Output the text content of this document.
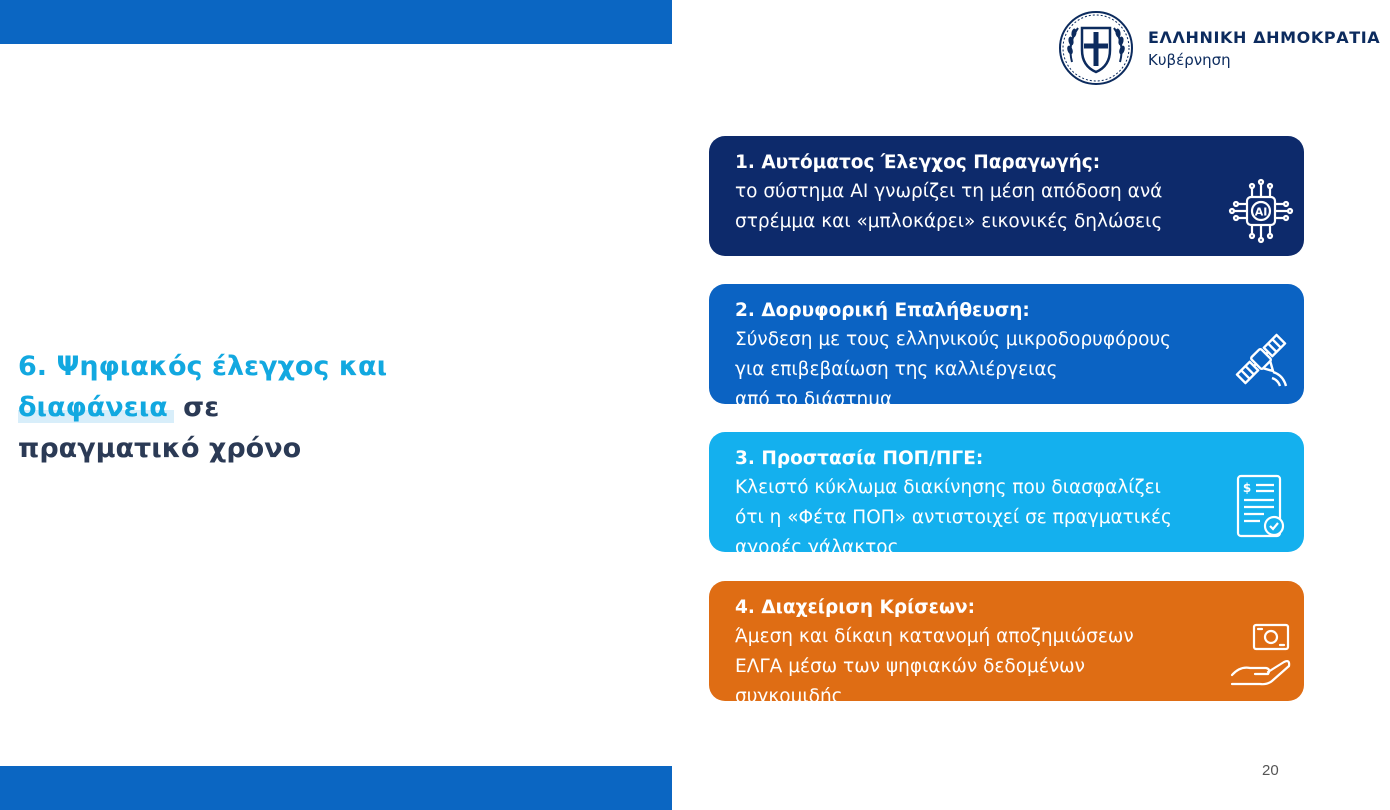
ΕΛΛΗΝΙΚΗ ΔΗΜΟΚΡΑΤΙΑ
Κυβέρνηση
6. Ψηφιακός έλεγχος και
διαφάνεια σε
πραγματικό χρόνο
1. Αυτόματος Έλεγχος Παραγωγής:
το σύστημα AI γνωρίζει τη μέση απόδοση ανά
στρέμμα και «μπλοκάρει» εικονικές δηλώσεις	AI
2. Δορυφορική Επαλήθευση:
Σύνδεση με τους ελληνικούς μικροδορυφόρους
για επιβεβαίωση της καλλιέργειας
από το διάστημα
3. Προστασία ΠΟΠ/ΠΓΕ:
Κλειστό κύκλωμα διακίνησης που διασφαλίζει
ότι η «Φέτα ΠΟΠ» αντιστοιχεί σε πραγματικές
αγορές γάλακτος
$
4. Διαχείριση Κρίσεων:
Άμεση και δίκαιη κατανομή αποζημιώσεων
ΕΛΓΑ μέσω των ψηφιακών δεδομένων
συγκομιδής
20
